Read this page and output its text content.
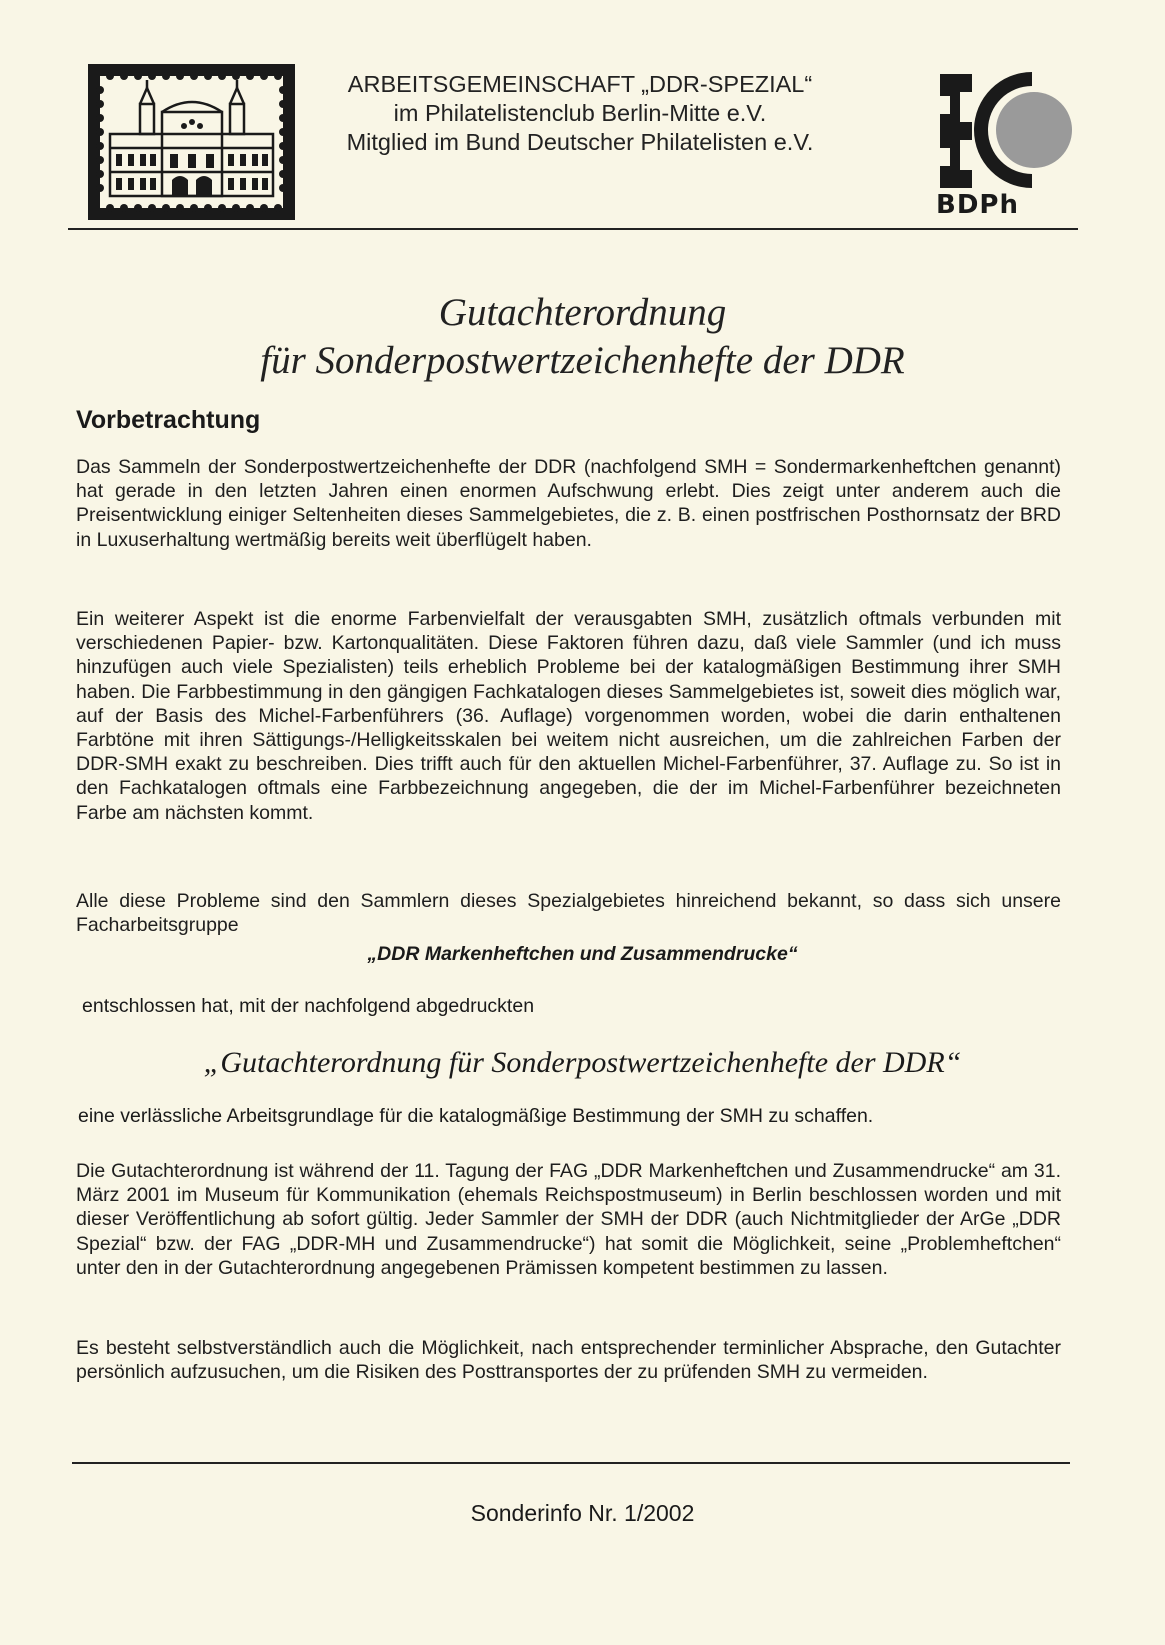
ARBEITSGEMEINSCHAFT „DDR-SPEZIAL“
im Philatelistenclub Berlin-Mitte e.V.
Mitglied im Bund Deutscher Philatelisten e.V.
BDPh
Gutachterordnung
für Sonderpostwertzeichenhefte der DDR
Vorbetrachtung

Das Sammeln der Sonderpostwertzeichenhefte der DDR (nachfolgend SMH = Sondermarkenheftchen genannt) hat gerade in den letzten Jahren einen enormen Aufschwung erlebt. Dies zeigt unter anderem auch die Preisentwicklung einiger Seltenheiten dieses Sammelgebietes, die z. B. einen postfrischen Posthornsatz der BRD in Luxuserhaltung wertmäßig bereits weit überflügelt haben.

Ein weiterer Aspekt ist die enorme Farbenvielfalt der verausgabten SMH, zusätzlich oftmals verbunden mit verschiedenen Papier- bzw. Kartonqualitäten. Diese Faktoren führen dazu, daß viele Sammler (und ich muss hinzufügen auch viele Spezialisten) teils erheblich Probleme bei der katalogmäßigen Bestimmung ihrer SMH haben. Die Farbbestimmung in den gängigen Fachkatalogen dieses Sammelgebietes ist, soweit dies möglich war, auf der Basis des Michel-Farbenführers (36. Auflage) vorgenommen worden, wobei die darin enthaltenen Farbtöne mit ihren Sättigungs-/Helligkeitsskalen bei weitem nicht ausreichen, um die zahlreichen Farben der DDR-SMH exakt zu beschreiben. Dies trifft auch für den aktuellen Michel-Farbenführer, 37. Auflage zu. So ist in den Fachkatalogen oftmals eine Farbbezeichnung angegeben, die der im Michel-Farbenführer bezeichneten Farbe am nächsten kommt.

Alle diese Probleme sind den Sammlern dieses Spezialgebietes hinreichend bekannt, so dass sich unsere Facharbeitsgruppe

„DDR Markenheftchen und Zusammendrucke“
entschlossen hat, mit der nachfolgend abgedruckten
„Gutachterordnung für Sonderpostwertzeichenhefte der DDR“
eine verlässliche Arbeitsgrundlage für die katalogmäßige Bestimmung der SMH zu schaffen.

Die Gutachterordnung ist während der 11. Tagung der FAG „DDR Markenheftchen und Zusammendrucke“ am 31. März 2001 im Museum für Kommunikation (ehemals Reichspostmuseum) in Berlin beschlossen worden und mit dieser Veröffentlichung ab sofort gültig. Jeder Sammler der SMH der DDR (auch Nichtmitglieder der ArGe „DDR Spezial“ bzw. der FAG „DDR-MH und Zusammendrucke“) hat somit die Möglichkeit, seine „Problemheftchen“ unter den in der Gutachterordnung angegebenen Prämissen kompetent bestimmen zu lassen.

Es besteht selbstverständlich auch die Möglichkeit, nach entsprechender terminlicher Absprache, den Gutachter persönlich aufzusuchen, um die Risiken des Posttransportes der zu prüfenden SMH zu vermeiden.

Sonderinfo Nr. 1/2002
